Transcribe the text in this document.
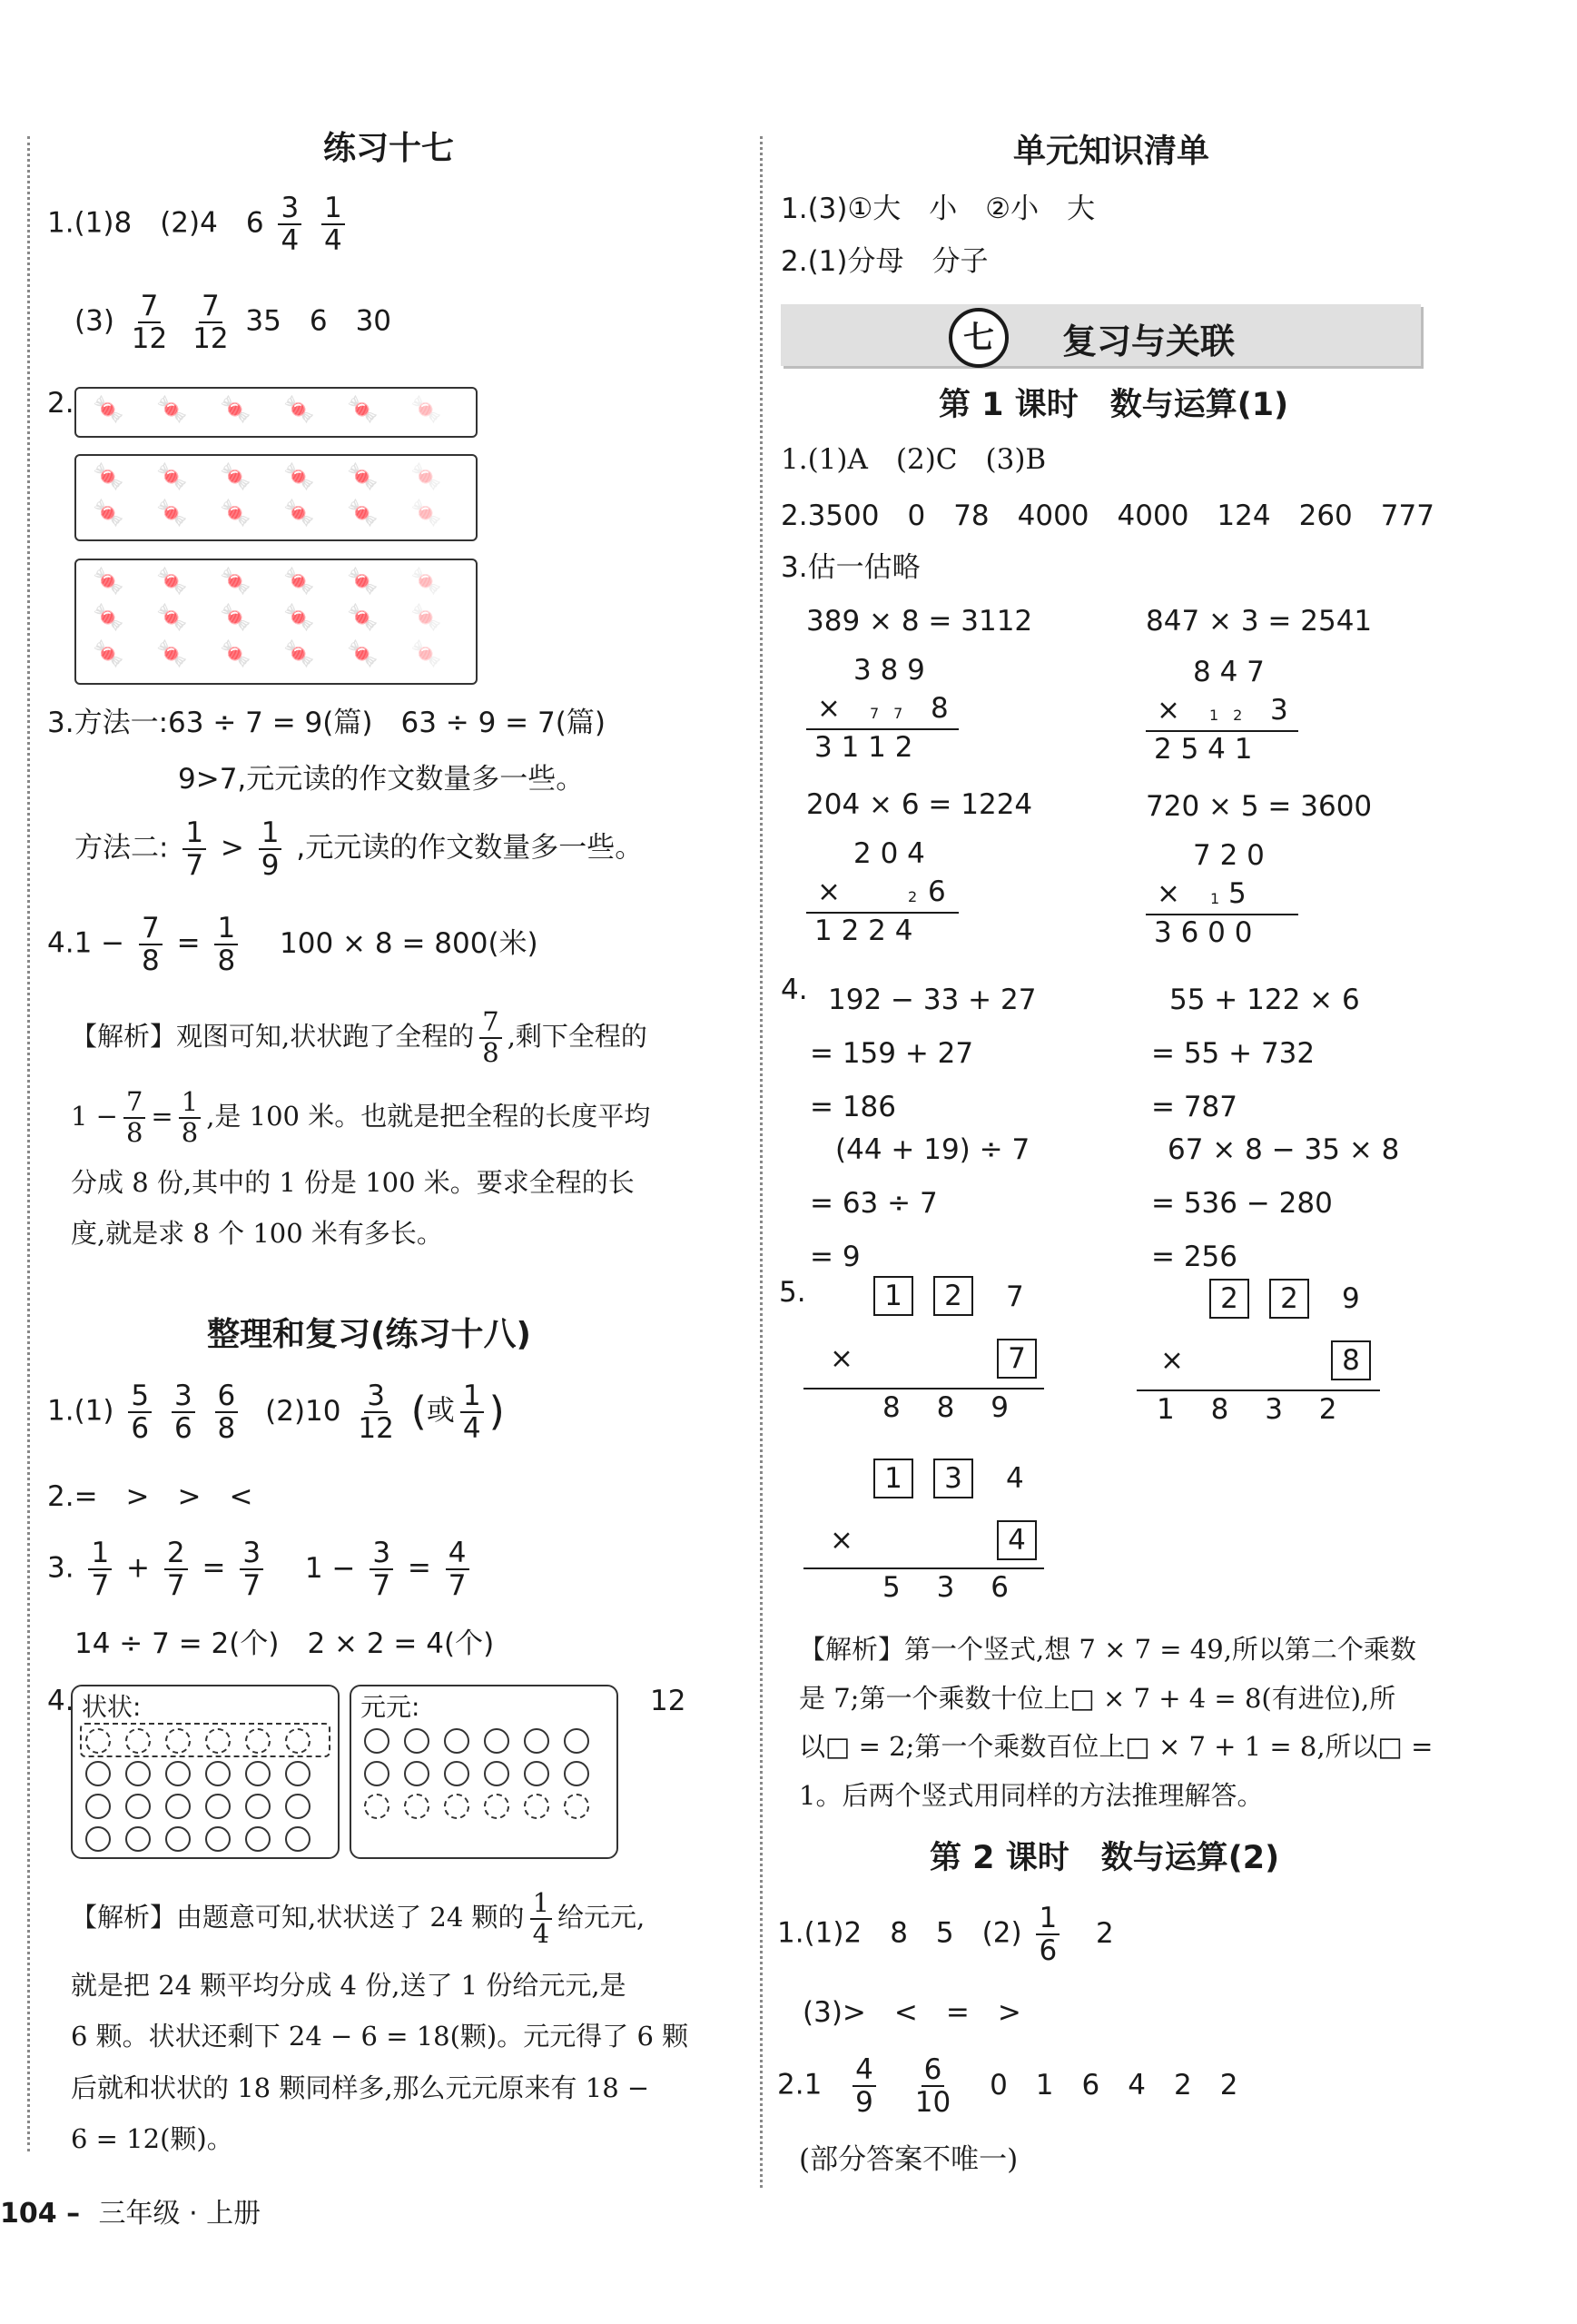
练习十七
1.(1)8　(2)4　$6 \frac{3}{4}$
$\frac{1}{4}$
$(3) \frac{7}{12}$
$\frac{7}{12} 35$　6　30
2. 🍬 🍬 🍬 🍬 🍬 🍬
🍬 🍬 🍬 🍬 🍬 🍬
🍬 🍬 🍬 🍬 🍬 🍬
🍬 🍬 🍬 🍬 🍬 🍬
🍬 🍬 🍬 🍬 🍬 🍬
🍬 🍬 🍬 🍬 🍬 🍬
3.方法一:63 ÷ 7 = 9(篇)　63 ÷ 9 = 7(篇)
9>7,元元读的作文数量多一些。
方法二: $\frac{1}{7} > \frac{1}{9}$ ,元元读的作文数量多一些。
$4.1 - \frac{7}{8} = \frac{1}{8} 100 \times 8 = 800$(米)
【解析】观图可知,状状跑了全程的 $\frac{7}{8}$ ,剩下全程的
$1 - \frac{7}{8} = \frac{1}{8}$ ,是 100 米。也就是把全程的长度平均
分成 8 份,其中的 1 份是 100 米。要求全程的长
度,就是求 8 个 100 米有多长。
整理和复习(练习十八)
$1.(1) \frac{5}{6}$
$\frac{3}{6}$
$\frac{6}{8} (2)10 \frac{3}{12}$ (或 $\frac{1}{4}$ )
2.=　>　>　<
3. $\frac{1}{7} + \frac{2}{7} = \frac{3}{7} 1 - \frac{3}{7} = \frac{4}{7}$
14 ÷ 7 = 2(个)　2 × 2 = 4(个)
4. 状状:	元元:	12
【解析】由题意可知,状状送了 24 颗的 $\frac{1}{4}$ 给元元,
就是把 24 颗平均分成 4 份,送了 1 份给元元,是
6 颗。状状还剩下 24 − 6 = 18(颗)。元元得了 6 颗
后就和状状的 18 颗同样多,那么元元原来有 18 −
6 = 12(颗)。
104 – 三年级 · 上册
单元知识清单
1.(3)①大　小　②小　大
2.(1)分母　分子
七	复习与关联
第 1 课时　数与运算(1)
1.(1)A　(2)C　(3)B
2.3500　0　78　4000　4000　124　260　777
3.估一估略
389 × 8 = 3112
3 8 9
× 7　7 8
3 1 1 2
847 × 3 = 2541
8 4 7
× 1　2 3
2 5 4 1
204 × 6 = 1224
2 0 4
×	2 6
1 2 2 4
720 × 5 = 3600
7 2 0
× 1 5
3 6 0 0
4. 192 − 33 + 27
= 159 + 27
= 186
55 + 122 × 6
= 55 + 732
= 787
(44 + 19) ÷ 7
= 63 ÷ 7
= 9
67 × 8 − 35 × 8
= 536 − 280
= 256
5.	1	2	7
×	7
8 8 9
2	2	9
×	8
1 8 3 2
1	3	4
×	4
5 3 6
【解析】第一个竖式,想 7 × 7 = 49,所以第二个乘数
是 7;第一个乘数十位上□ × 7 + 4 = 8(有进位),所
以□ = 2;第一个乘数百位上□ × 7 + 1 = 8,所以□ =
1。后两个竖式用同样的方法推理解答。
第 2 课时　数与运算(2)
1.(1)2　8　5　$(2) \frac{1}{6} 2$
(3)>　<　=　>
$2.1 \frac{4}{9}$
$\frac{6}{10} 0$　1　6　4　2　2
(部分答案不唯一)
